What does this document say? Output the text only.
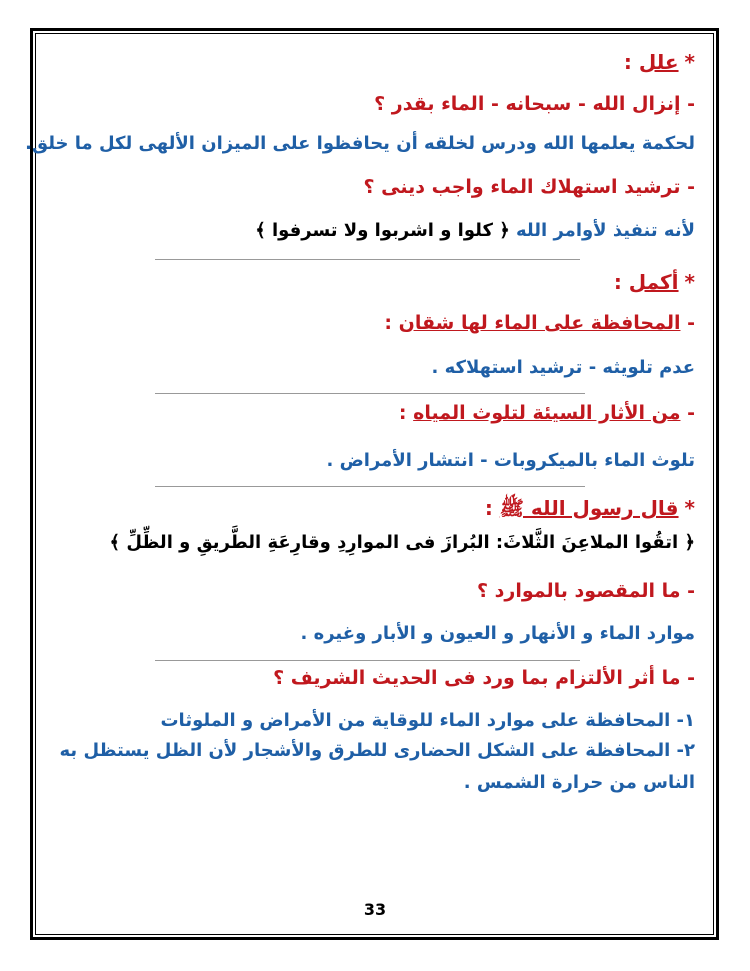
*علل :
- إنزال الله - سبحانه - الماء بقدر ؟
لحكمة يعلمها الله ودرس لخلقه أن يحافظوا على الميزان الألهى لكل ما خلق.
- ترشيد استهلاك الماء واجب دينى ؟
لأنه تنفيذ لأوامر الله ﴿ كلوا و اشربوا ولا تسرفوا ﴾
*أكمل :
- المحافظة على الماء لها شقان :
عدم تلويثه - ترشيد استهلاكه .
- من الأثار السيئة لتلوث المياه :
تلوث الماء بالميكروبات - انتشار الأمراض .
*قال رسول الله ﷺ :
﴿ اتقُوا الملاعِنَ الثَّلاثَ: البُرازَ فى الموارِدِ وقارِعَةِ الطَّريقِ و الظِّلِّ ﴾
- ما المقصود بالموارد ؟
موارد الماء و الأنهار و العيون و الأبار وغيره .
- ما أثر الألتزام بما ورد فى الحديث الشريف ؟
١- المحافظة على موارد الماء للوقاية من الأمراض و الملوثات
٢- المحافظة على الشكل الحضارى للطرق والأشجار لأن الظل يستظل به
الناس من حرارة الشمس .
33
